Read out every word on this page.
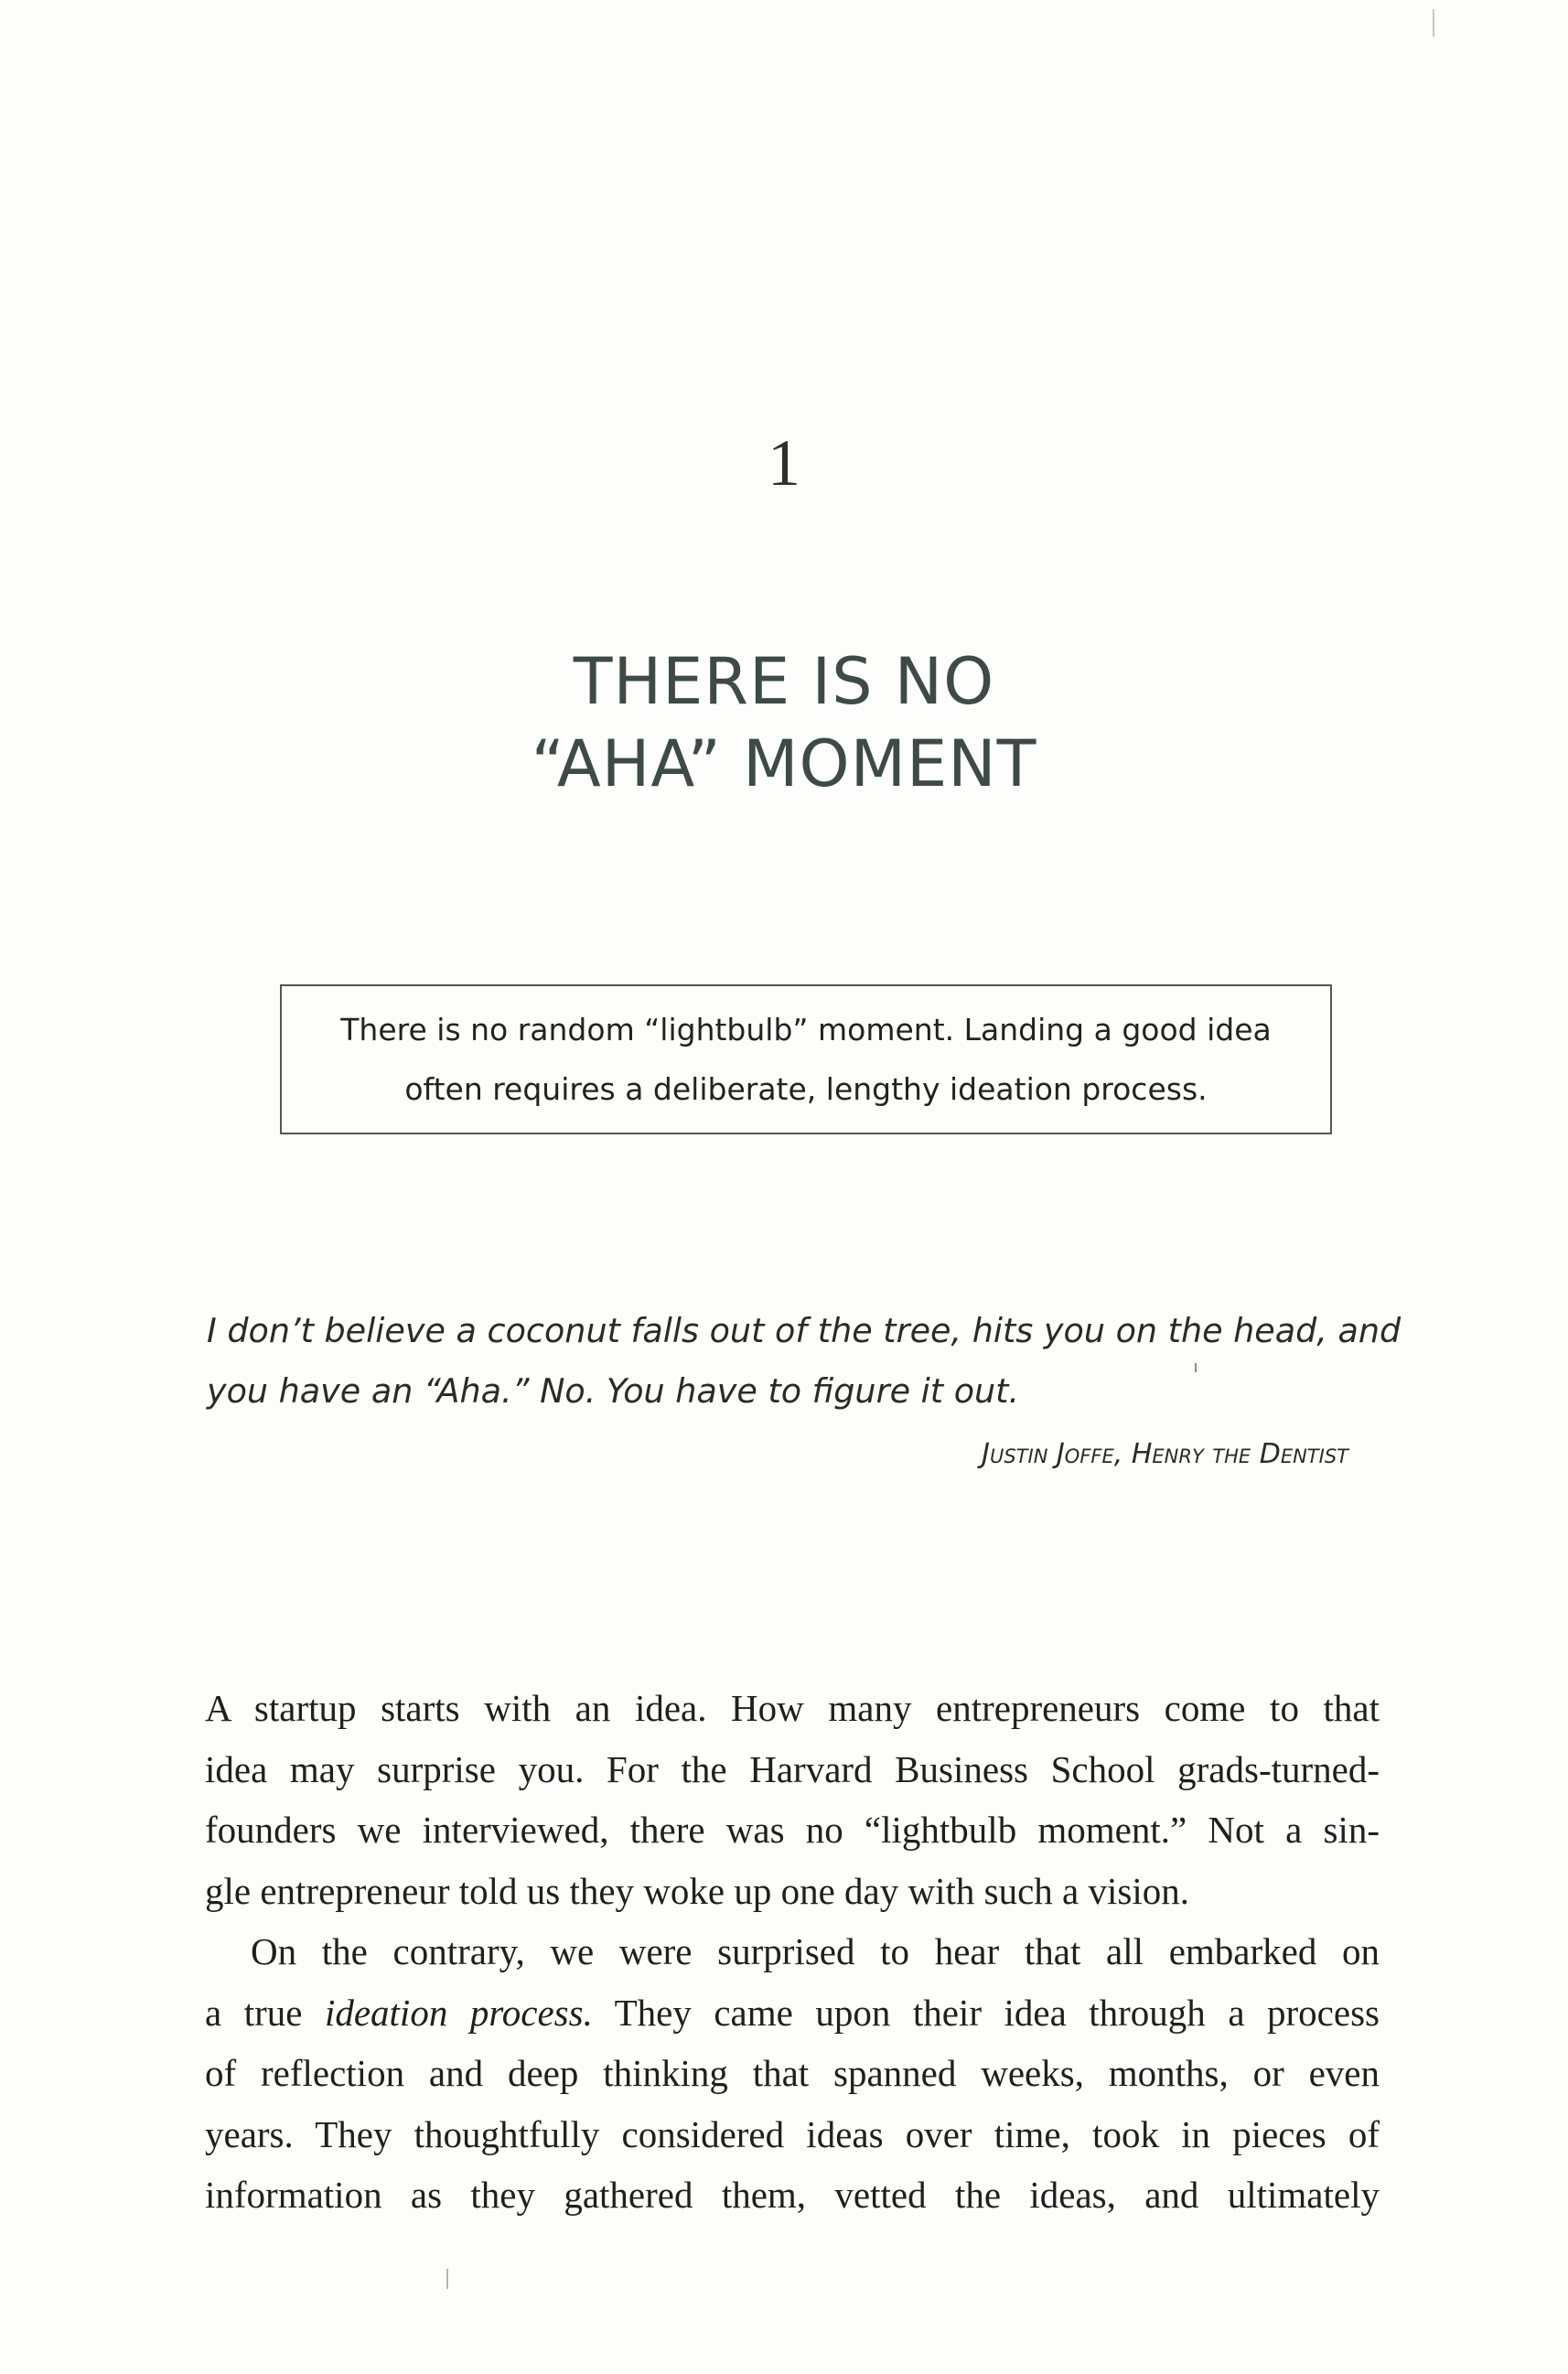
1
THERE IS NO
“AHA” MOMENT
There is no random “lightbulb” moment. Landing a good idea
often requires a deliberate, lengthy ideation process.
I don’t believe a coconut falls out of the tree, hits you on the head, and
you have an “Aha.” No. You have to figure it out.
Justin Joffe, Henry the Dentist
A startup starts with an idea. How many entrepreneurs come to that
idea may surprise you. For the Harvard Business School grads-turned-
founders we interviewed, there was no “lightbulb moment.” Not a sin-
gle entrepreneur told us they woke up one day with such a vision.
On the contrary, we were surprised to hear that all embarked on
a true ideation process. They came upon their idea through a process
of reflection and deep thinking that spanned weeks, months, or even
years. They thoughtfully considered ideas over time, took in pieces of
information as they gathered them, vetted the ideas, and ultimately
